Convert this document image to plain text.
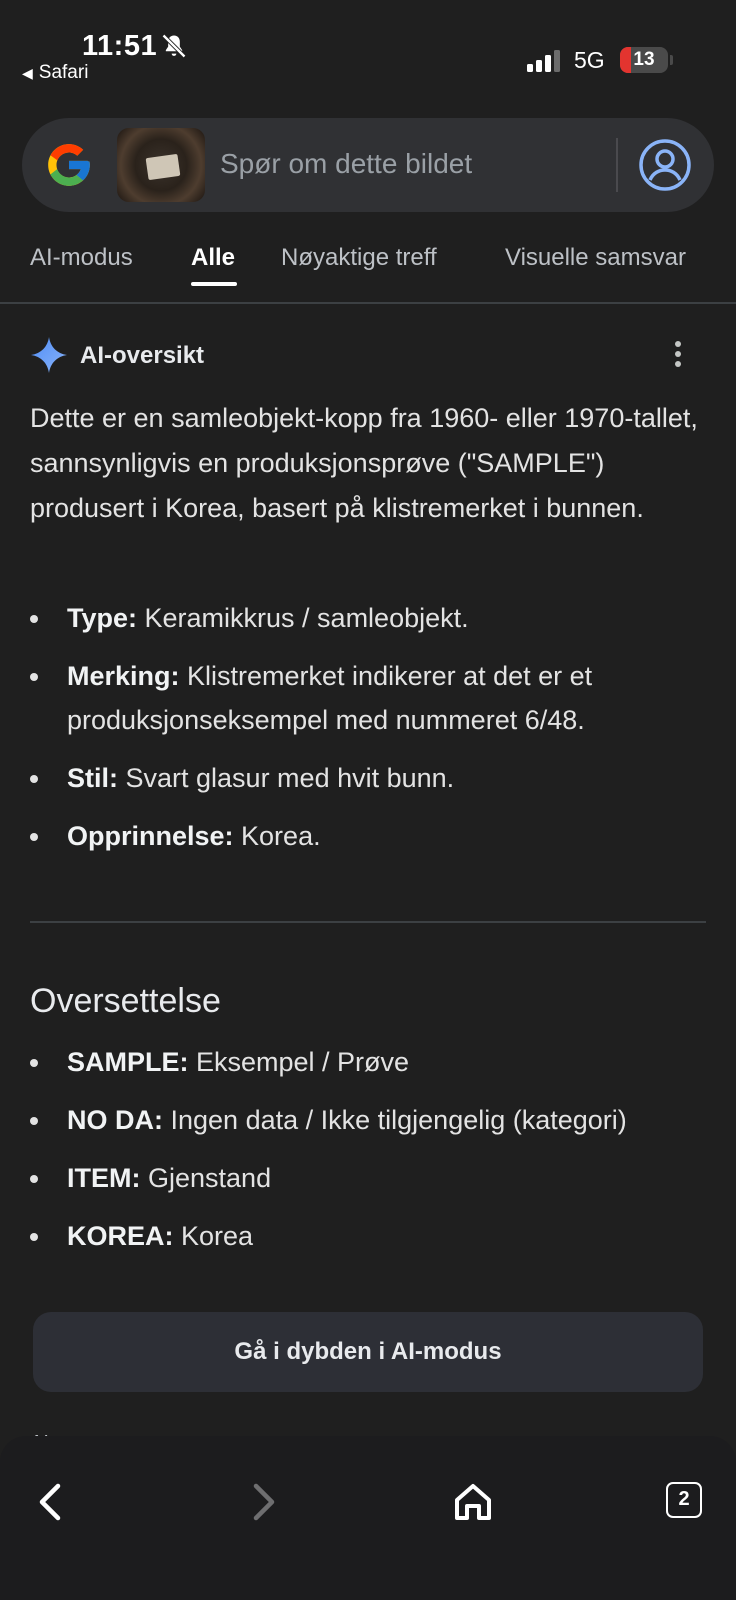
11:51
◀ Safari	5G	13
Spør om dette bildet
AI-modus Alle Nøyaktige treff	Visuelle samsvar
AI-oversikt
Dette er en samleobjekt-kopp fra 1960- eller 1970-tallet, sannsynligvis en produksjonsprøve ("SAMPLE") produsert i Korea, basert på klistremerket i bunnen.
Type: Keramikkrus / samleobjekt.
Merking: Klistremerket indikerer at det er et produksjonseksempel med nummeret 6/48.
Stil: Svart glasur med hvit bunn.
Opprinnelse: Korea.
Oversettelse
SAMPLE: Eksempel / Prøve
NO DA: Ingen data / Ikke tilgjengelig (kategori)
ITEM: Gjenstand
KOREA: Korea
Gå i dybden i AI-modus
2
